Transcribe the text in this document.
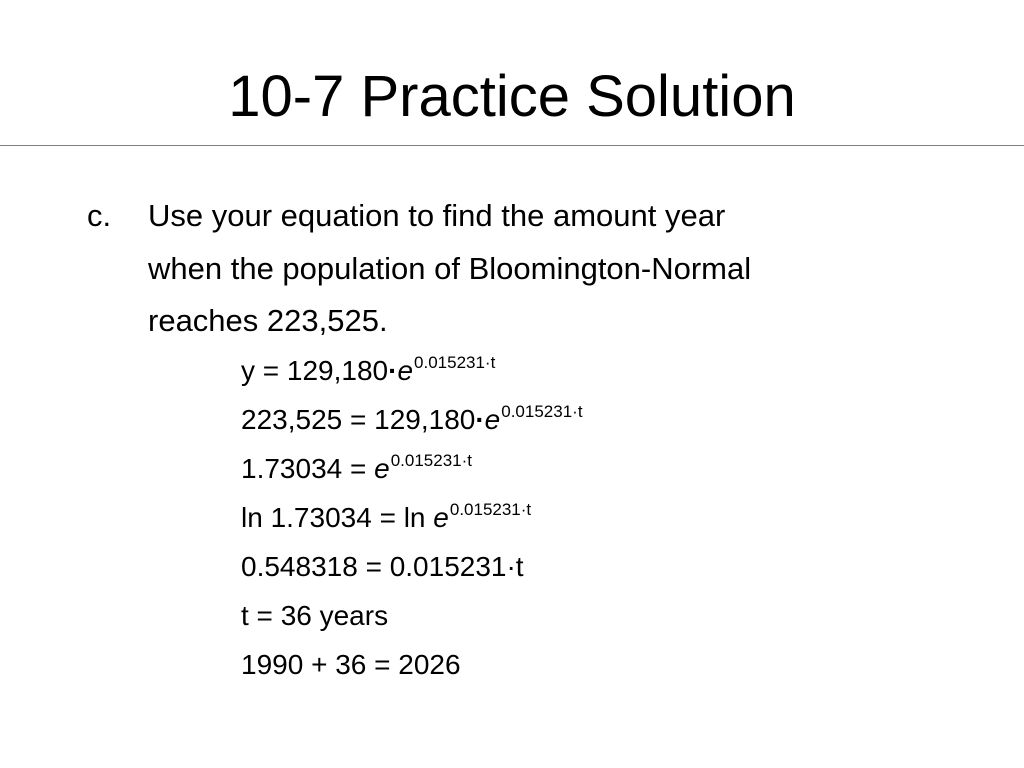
10-7 Practice Solution
c. Use your equation to find the amount year
when the population of Bloomington-Normal
reaches 223,525.
$y = 129,180\cdot e^{0.015231\cdot t}$
$223,525 = 129,180\cdot e^{0.015231\cdot t}$
$1.73034 = e^{0.015231\cdot t}$
$\ln 1.73034 = \ln e^{0.015231\cdot t}$
0.548318 = 0.015231·t
t = 36 years
1990 + 36 = 2026
